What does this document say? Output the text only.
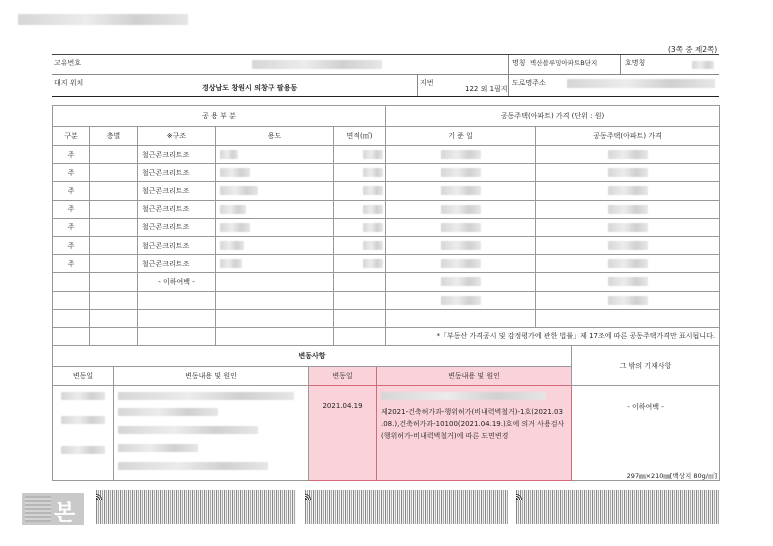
(3쪽 중 제2쪽)
고유번호	명칭 벽산블루밍아파트B단지	호명칭
대지 위치
경상남도 창원시 의창구 팔용동
지번
122 외 1필지
도로명주소
공 용 부 분					공동주택(아파트) 가격 (단위 : 원)	
구분	층별	※구조	용도	면적(㎡)	기 준 일	공동주택(아파트) 가격
주		철근콘크리트조				
주		철근콘크리트조				
주		철근콘크리트조				
주		철근콘크리트조				
주		철근콘크리트조				
주		철근콘크리트조				
주		철근콘크리트조				
		- 이하여백 -				

					*「부동산 가격공시 및 감정평가에 관한 법률」제 17조에 따른 공동주택가격만 표시됩니다.	
변동사항				그 밖의 기재사항
변동일	변동내용 및 원인	변동일	변동내용 및 원인	
		2021.04.19	제2021-건축허가과-행위허가(비내력벽철거)-1호(2021.03
.08.),건축허가과-10100(2021.04.19.)호에 의거 사용검사
(행위허가-비내력벽철거)에 따른 도면변경	- 이하여백 -
297㎜×210㎜[백상지 80g/㎡]
본
